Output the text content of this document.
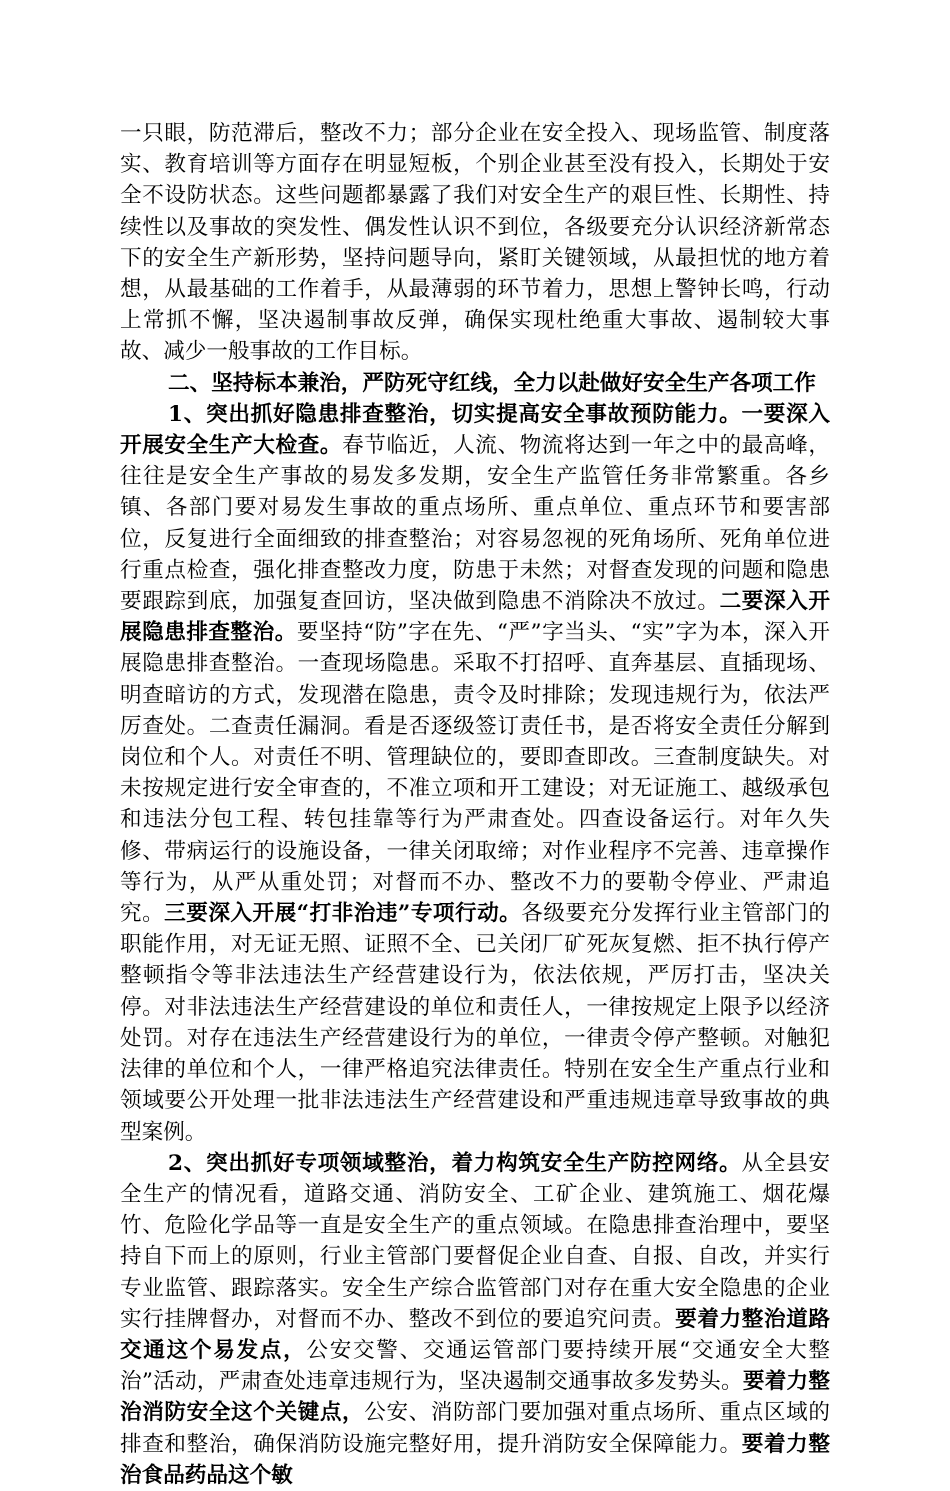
一只眼，防范滞后，整改不力；部分企业在安全投入、现场监管、制度落实、教育培训等方面存在明显短板，个别企业甚至没有投入，长期处于安全不设防状态。这些问题都暴露了我们对安全生产的艰巨性、长期性、持续性以及事故的突发性、偶发性认识不到位，各级要充分认识经济新常态下的安全生产新形势，坚持问题导向，紧盯关键领域，从最担忧的地方着想，从最基础的工作着手，从最薄弱的环节着力，思想上警钟长鸣，行动上常抓不懈，坚决遏制事故反弹，确保实现杜绝重大事故、遏制较大事故、减少一般事故的工作目标。

二、坚持标本兼治，严防死守红线，全力以赴做好安全生产各项工作

1、突出抓好隐患排查整治，切实提高安全事故预防能力。一要深入开展安全生产大检查。春节临近，人流、物流将达到一年之中的最高峰，往往是安全生产事故的易发多发期，安全生产监管任务非常繁重。各乡镇、各部门要对易发生事故的重点场所、重点单位、重点环节和要害部位，反复进行全面细致的排查整治；对容易忽视的死角场所、死角单位进行重点检查，强化排查整改力度，防患于未然；对督查发现的问题和隐患要跟踪到底，加强复查回访，坚决做到隐患不消除决不放过。二要深入开展隐患排查整治。要坚持“防”字在先、“严”字当头、“实”字为本，深入开展隐患排查整治。一查现场隐患。采取不打招呼、直奔基层、直插现场、明查暗访的方式，发现潜在隐患，责令及时排除；发现违规行为，依法严厉查处。二查责任漏洞。看是否逐级签订责任书，是否将安全责任分解到岗位和个人。对责任不明、管理缺位的，要即查即改。三查制度缺失。对未按规定进行安全审查的，不准立项和开工建设；对无证施工、越级承包和违法分包工程、转包挂靠等行为严肃查处。四查设备运行。对年久失修、带病运行的设施设备，一律关闭取缔；对作业程序不完善、违章操作等行为，从严从重处罚；对督而不办、整改不力的要勒令停业、严肃追究。三要深入开展“打非治违”专项行动。各级要充分发挥行业主管部门的职能作用，对无证无照、证照不全、已关闭厂矿死灰复燃、拒不执行停产整顿指令等非法违法生产经营建设行为，依法依规，严厉打击，坚决关停。对非法违法生产经营建设的单位和责任人，一律按规定上限予以经济处罚。对存在违法生产经营建设行为的单位，一律责令停产整顿。对触犯法律的单位和个人，一律严格追究法律责任。特别在安全生产重点行业和领域要公开处理一批非法违法生产经营建设和严重违规违章导致事故的典型案例。

2、突出抓好专项领域整治，着力构筑安全生产防控网络。从全县安全生产的情况看，道路交通、消防安全、工矿企业、建筑施工、烟花爆竹、危险化学品等一直是安全生产的重点领域。在隐患排查治理中，要坚持自下而上的原则，行业主管部门要督促企业自查、自报、自改，并实行专业监管、跟踪落实。安全生产综合监管部门对存在重大安全隐患的企业实行挂牌督办，对督而不办、整改不到位的要追究问责。要着力整治道路交通这个易发点，公安交警、交通运管部门要持续开展“交通安全大整治”活动，严肃查处违章违规行为，坚决遏制交通事故多发势头。要着力整治消防安全这个关键点，公安、消防部门要加强对重点场所、重点区域的排查和整治，确保消防设施完整好用，提升消防安全保障能力。要着力整治食品药品这个敏
